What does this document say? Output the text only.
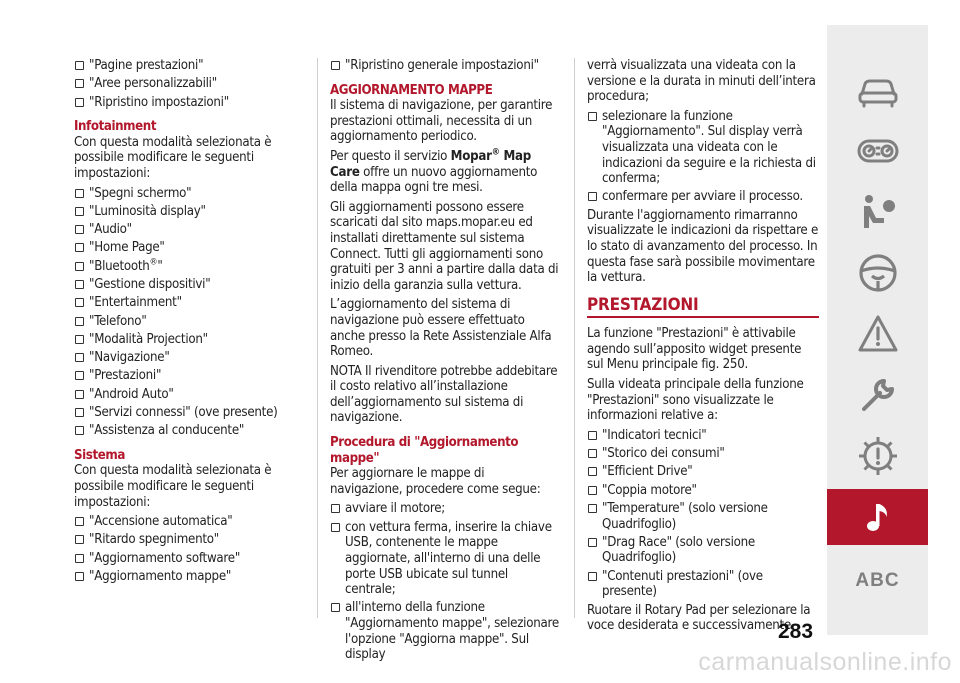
"Pagine prestazioni"
"Aree personalizzabili"
"Ripristino impostazioni"
Infotainment

Con questa modalità selezionata è possibile modificare le seguenti impostazioni:

"Spegni schermo"
"Luminosità display"
"Audio"
"Home Page"
"Bluetooth®"
"Gestione dispositivi"
"Entertainment"
"Telefono"
"Modalità Projection"
"Navigazione"
"Prestazioni"
"Android Auto"
"Servizi connessi" (ove presente)
"Assistenza al conducente"
Sistema

Con questa modalità selezionata è possibile modificare le seguenti impostazioni:

"Accensione automatica"
"Ritardo spegnimento"
"Aggiornamento software"
"Aggiornamento mappe"
"Ripristino generale impostazioni"
AGGIORNAMENTO MAPPE

Il sistema di navigazione, per garantire prestazioni ottimali, necessita di un aggiornamento periodico.

Per questo il servizio Mopar® Map Care offre un nuovo aggiornamento della mappa ogni tre mesi.

Gli aggiornamenti possono essere scaricati dal sito maps.mopar.eu ed installati direttamente sul sistema Connect. Tutti gli aggiornamenti sono gratuiti per 3 anni a partire dalla data di inizio della garanzia sulla vettura.

L’aggiornamento del sistema di navigazione può essere effettuato anche presso la Rete Assistenziale Alfa Romeo.

NOTA Il rivenditore potrebbe addebitare il costo relativo all’installazione dell’aggiornamento sul sistema di navigazione.

Procedura di "Aggiornamento mappe"

Per aggiornare le mappe di navigazione, procedere come segue:

avviare il motore;
con vettura ferma, inserire la chiave USB, contenente le mappe aggiornate, all'interno di una delle porte USB ubicate sul tunnel centrale;
all'interno della funzione "Aggiornamento mappe", selezionare l'opzione "Aggiorna mappe". Sul display

verrà visualizzata una videata con la versione e la durata in minuti dell’intera procedura;

selezionare la funzione "Aggiornamento". Sul display verrà visualizzata una videata con le indicazioni da seguire e la richiesta di conferma;
confermare per avviare il processo.

Durante l'aggiornamento rimarranno visualizzate le indicazioni da rispettare e lo stato di avanzamento del processo. In questa fase sarà possibile movimentare la vettura.

PRESTAZIONI

La funzione "Prestazioni" è attivabile agendo sull’apposito widget presente sul Menu principale fig. 250.

Sulla videata principale della funzione "Prestazioni" sono visualizzate le informazioni relative a:

"Indicatori tecnici"
"Storico dei consumi"
"Efficient Drive"
"Coppia motore"
"Temperature" (solo versione Quadrifoglio)
"Drag Race" (solo versione Quadrifoglio)
"Contenuti prestazioni" (ove presente)

Ruotare il Rotary Pad per selezionare la voce desiderata e successivamente

ABC
283
carmanualsonline.info
